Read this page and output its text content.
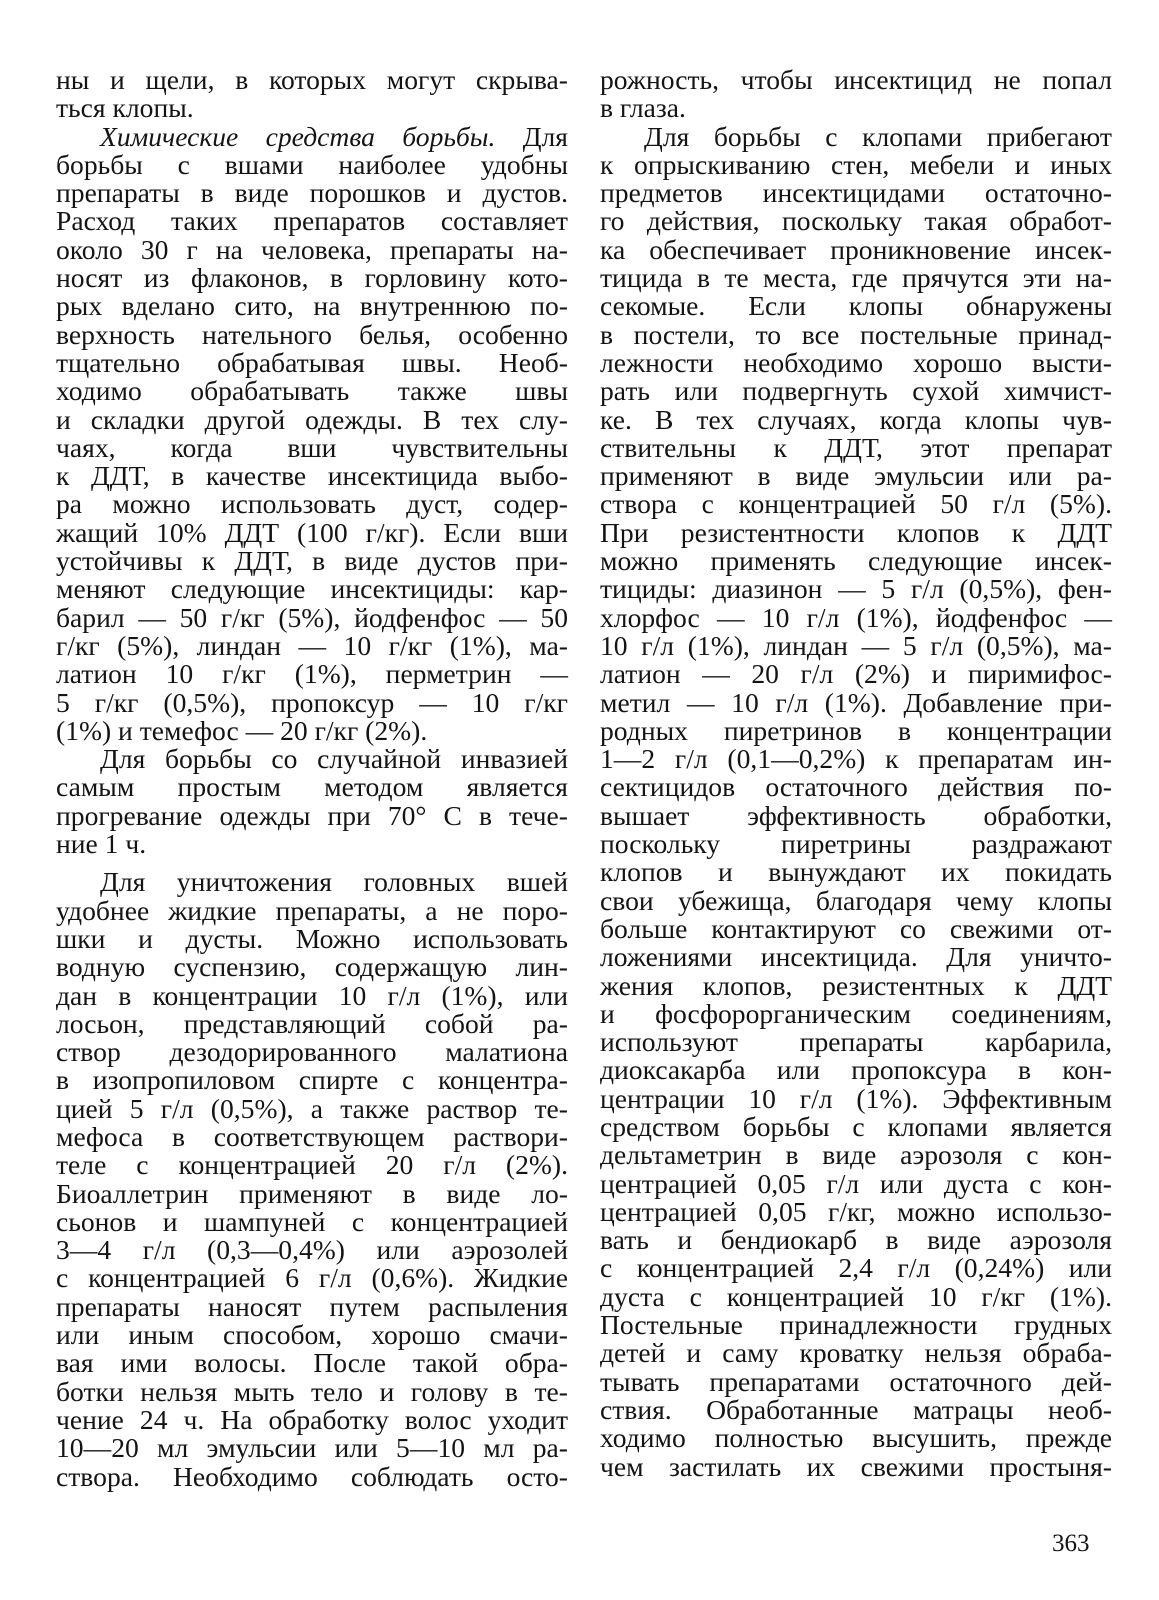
ны и щели, в которых могут скрыва-
ться клопы.
Химические средства борьбы. Для
борьбы с вшами наиболее удобны
препараты в виде порошков и дустов.
Расход таких препаратов составляет
около 30 г на человека, препараты на-
носят из флаконов, в горловину кото-
рых вделано сито, на внутреннюю по-
верхность нательного белья, особенно
тщательно обрабатывая швы. Необ-
ходимо обрабатывать также швы
и складки другой одежды. В тех слу-
чаях, когда вши чувствительны
к ДДТ, в качестве инсектицида выбо-
ра можно использовать дуст, содер-
жащий 10% ДДТ (100 г/кг). Если вши
устойчивы к ДДТ, в виде дустов при-
меняют следующие инсектициды: кар-
барил — 50 г/кг (5%), йодфенфос — 50
г/кг (5%), линдан — 10 г/кг (1%), ма-
латион 10 г/кг (1%), перметрин —
5 г/кг (0,5%), пропоксур — 10 г/кг
(1%) и темефос — 20 г/кг (2%).
Для борьбы со случайной инвазией
самым простым методом является
прогревание одежды при 70° С в тече-
ние 1 ч.
Для уничтожения головных вшей
удобнее жидкие препараты, а не поро-
шки и дусты. Можно использовать
водную суспензию, содержащую лин-
дан в концентрации 10 г/л (1%), или
лосьон, представляющий собой ра-
створ дезодорированного малатиона
в изопропиловом спирте с концентра-
цией 5 г/л (0,5%), а также раствор те-
мефоса в соответствующем раствори-
теле с концентрацией 20 г/л (2%).
Биоаллетрин применяют в виде ло-
сьонов и шампуней с концентрацией
3—4 г/л (0,3—0,4%) или аэрозолей
с концентрацией 6 г/л (0,6%). Жидкие
препараты наносят путем распыления
или иным способом, хорошо смачи-
вая ими волосы. После такой обра-
ботки нельзя мыть тело и голову в те-
чение 24 ч. На обработку волос уходит
10—20 мл эмульсии или 5—10 мл ра-
створа. Необходимо соблюдать осто-
рожность, чтобы инсектицид не попал
в глаза.
Для борьбы с клопами прибегают
к опрыскиванию стен, мебели и иных
предметов инсектицидами остаточно-
го действия, поскольку такая обработ-
ка обеспечивает проникновение инсек-
тицида в те места, где прячутся эти на-
секомые. Если клопы обнаружены
в постели, то все постельные принад-
лежности необходимо хорошо высти-
рать или подвергнуть сухой химчист-
ке. В тех случаях, когда клопы чув-
ствительны к ДДТ, этот препарат
применяют в виде эмульсии или ра-
створа с концентрацией 50 г/л (5%).
При резистентности клопов к ДДТ
можно применять следующие инсек-
тициды: диазинон — 5 г/л (0,5%), фен-
хлорфос — 10 г/л (1%), йодфенфос —
10 г/л (1%), линдан — 5 г/л (0,5%), ма-
латион — 20 г/л (2%) и пиримифос-
метил — 10 г/л (1%). Добавление при-
родных пиретринов в концентрации
1—2 г/л (0,1—0,2%) к препаратам ин-
сектицидов остаточного действия по-
вышает эффективность обработки,
поскольку пиретрины раздражают
клопов и вынуждают их покидать
свои убежища, благодаря чему клопы
больше контактируют со свежими от-
ложениями инсектицида. Для уничто-
жения клопов, резистентных к ДДТ
и фосфорорганическим соединениям,
используют препараты карбарила,
диоксакарба или пропоксура в кон-
центрации 10 г/л (1%). Эффективным
средством борьбы с клопами является
дельтаметрин в виде аэрозоля с кон-
центрацией 0,05 г/л или дуста с кон-
центрацией 0,05 г/кг, можно использо-
вать и бендиокарб в виде аэрозоля
с концентрацией 2,4 г/л (0,24%) или
дуста с концентрацией 10 г/кг (1%).
Постельные принадлежности грудных
детей и саму кроватку нельзя обраба-
тывать препаратами остаточного дей-
ствия. Обработанные матрацы необ-
ходимо полностью высушить, прежде
чем застилать их свежими простыня-
363
